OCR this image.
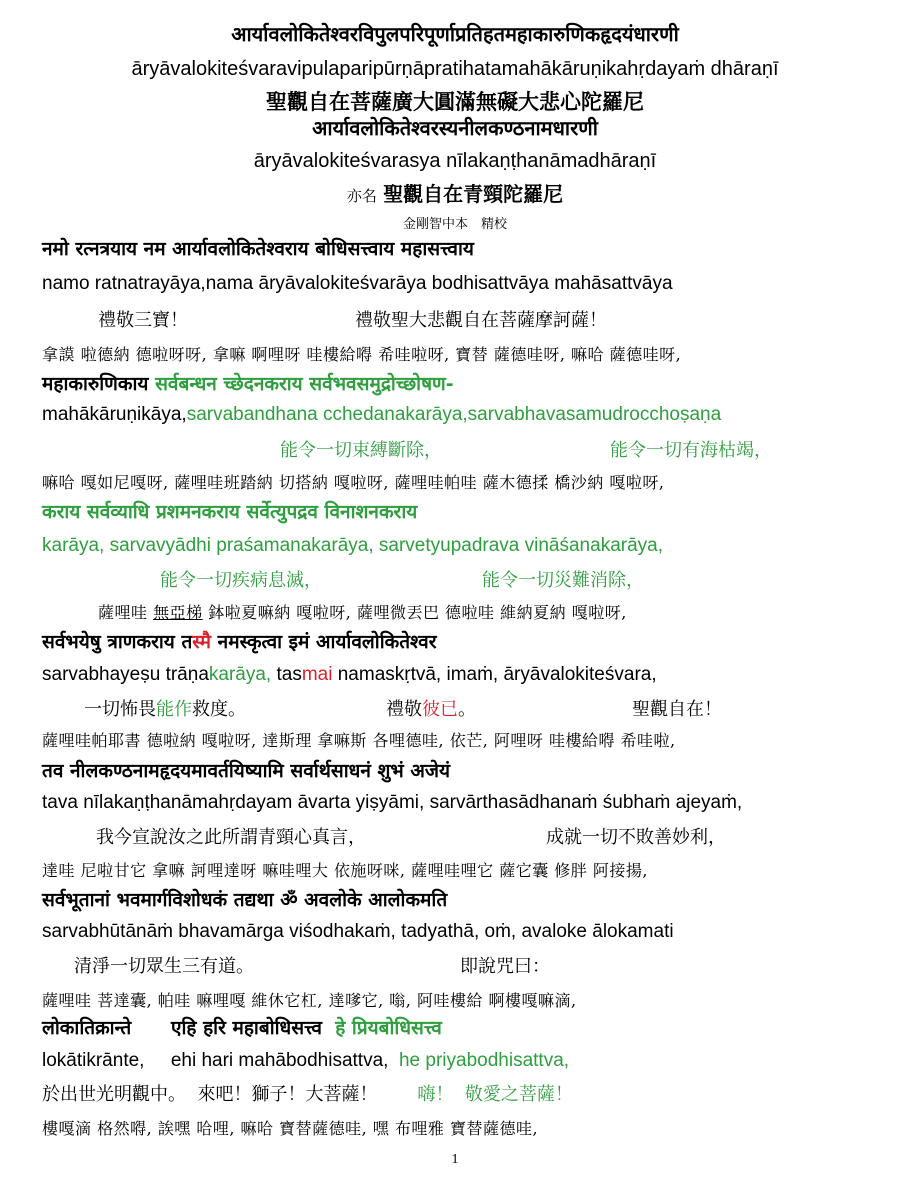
आर्यावलोकितेश्वरविपुलपरिपूर्णाप्रतिहतमहाकारुणिकहृदयंधारणी
āryāvalokiteśvaravipulaparipūrṇāpratihatamahākāruṇikahṛdayaṁ dhāraṇī
聖觀自在菩薩廣大圓滿無礙大悲心陀羅尼
आर्यावलोकितेश्वरस्यनीलकण्ठनामधारणी
āryāvalokiteśvarasya nīlakaṇṭhanāmadhāraṇī
亦名 聖觀自在青頸陀羅尼
金剛智中本　精校
नमो रत्नत्रयाय नम आर्यावलोकितेश्वराय बोधिसत्त्वाय महासत्त्वाय
namo ratnatrayāya,nama āryāvalokiteśvarāya bodhisattvāya mahāsattvāya
禮敬三寶！	禮敬聖大悲觀自在菩薩摩訶薩！
拿謨 啦德納 德啦呀呀, 拿嘛 啊哩呀 哇樓給嘚 希哇啦呀, 寶替 薩德哇呀, 嘛哈 薩德哇呀,
महाकारुणिकाय सर्वबन्धन च्छेदनकराय सर्वभवसमुद्रोच्छोषण-
mahākāruṇikāya,sarvabandhana cchedanakarāya,sarvabhavasamudrocchoṣaṇa
能令一切束縛斷除，	能令一切有海枯竭，
嘛哈 嘎如尼嘎呀, 薩哩哇班踏納 切搭納 嘎啦呀, 薩哩哇帕哇 薩木德揉 橋沙納 嘎啦呀,
कराय सर्वव्याधि प्रशमनकराय सर्वेत्युपद्रव विनाशनकराय
karāya, sarvavyādhi praśamanakarāya, sarvetyupadrava vināśanakarāya,
能令一切疾病息滅，	能令一切災難消除，
薩哩哇 無亞梯 鉢啦夏嘛納 嘎啦呀, 薩哩微丟巴 德啦哇 維納夏納 嘎啦呀,
सर्वभयेषु त्राणकराय तस्मै नमस्कृत्वा इमं आर्यावलोकितेश्वर
sarvabhayeṣu trāṇakarāya, tasmai namaskṛtvā, imaṁ, āryāvalokiteśvara,
一切怖畏能作救度。	禮敬彼已。	聖觀自在！
薩哩哇帕耶書 德啦納 嘎啦呀, 達斯理 拿嘛斯 各哩德哇, 依芒, 阿哩呀 哇樓給嘚 希哇啦,
तव नीलकण्ठनामहृदयमावर्तयिष्यामि सर्वार्थसाधनं शुभं अजेयं
tava nīlakaṇṭhanāmahṛdayam āvarta yiṣyāmi, sarvārthasādhanaṁ śubhaṁ ajeyaṁ,
我今宣說汝之此所謂青頸心真言，	成就一切不敗善妙利，
達哇 尼啦甘它 拿嘛 訶哩達呀 嘛哇哩大 依施呀咪, 薩哩哇哩它 薩它囊 修胖 阿接揚,
सर्वभूतानां भवमार्गविशोधकं तद्यथा ॐ अवलोके आलोकमति
sarvabhūtānāṁ bhavamārga viśodhakaṁ, tadyathā, oṁ, avaloke ālokamati
清淨一切眾生三有道。	即說咒曰：
薩哩哇 菩達囊, 帕哇 嘛哩嘎 維休它杠, 達嗲它, 嗡, 阿哇樓給 啊樓嘎嘛滴,
लोकातिक्रान्ते      एहि हरि महाबोधिसत्त्व  हे प्रियबोधिसत्त्व
lokātikrānte,     ehi hari mahābodhisattva,  he priyabodhisattva,
於出世光明觀中。  來吧！獅子！大菩薩！ 嗨！  敬愛之菩薩！
樓嘎滴 格然嘚, 誒嘿 哈哩, 嘛哈 寶替薩德哇, 嘿 布哩雅 寶替薩德哇,
1
